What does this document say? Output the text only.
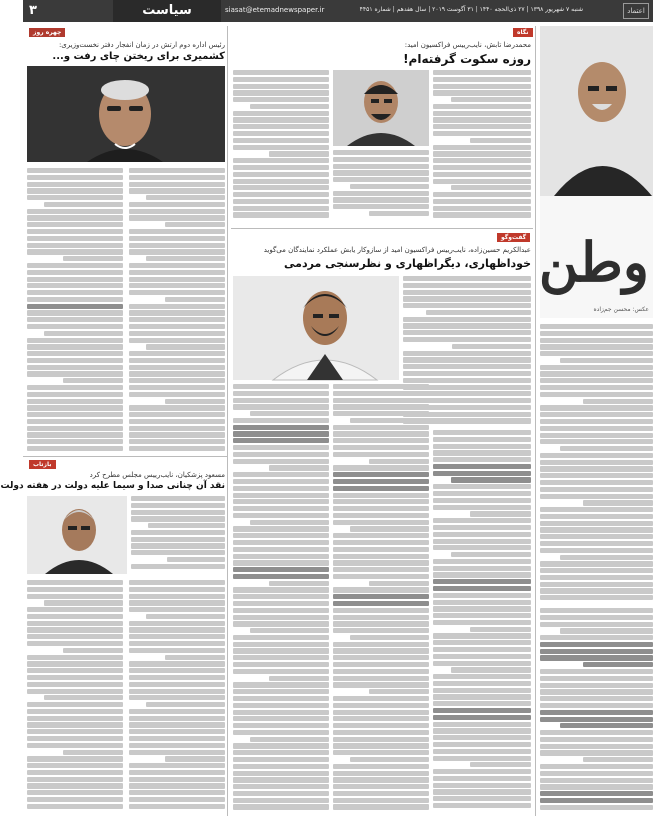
۳	سیاست	siasat@etemadnewspaper.ir	شنبه ۷ شهریور ۱۳۹۸ | ۲۷ ذی‌الحجه ۱۴۴۰ | ۳۱ آگوست ۲۰۱۹ | سال هفدهم | شماره ۴۴۵۱	اعتماد
چهره روز
رئیس اداره دوم ارتش در زمان انفجار دفتر نخست‌وزیری:
کشمیری برای ریختن چای رفت و...
بازتاب
مسعود پزشکیان، نایب‌رییس مجلس مطرح کرد
نقد آن چنانی صدا و سیما علیه دولت در هفته دولت
نگاه
محمدرضا تابش، نایب‌رییس فراکسیون امید:
روزه سکوت گرفته‌ام!
گفت‌وگو
عبدالکریم حسین‌زاده، نایب‌رییس فراکسیون امید از سازوکار یابش عملکرد نمایندگان می‌گوید
خوداظهاری، دیگراظهاری و نظرسنجی مردمی وطن
عکس: محسن جم‌زاده
